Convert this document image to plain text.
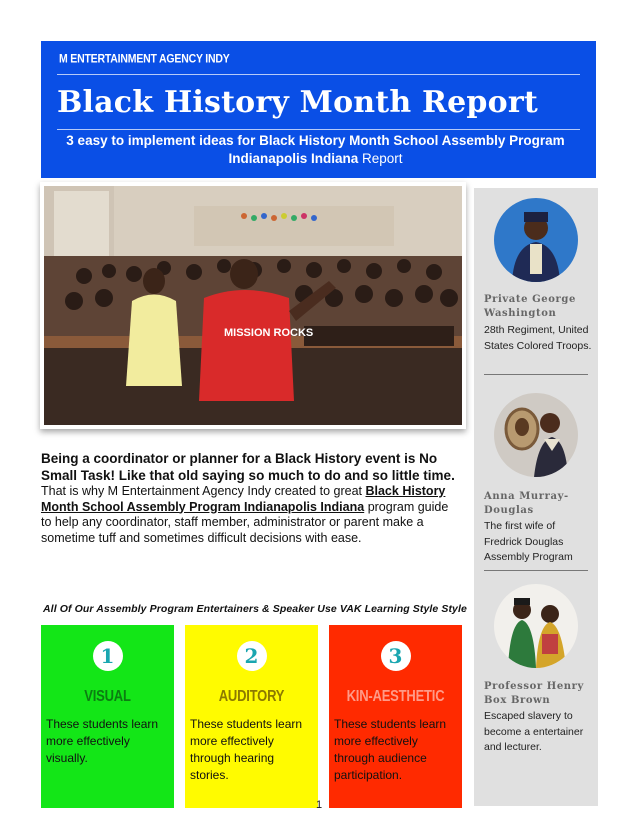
M ENTERTAINMENT AGENCY INDY
Black History Month Report
3 easy to implement ideas for Black History Month School Assembly Program Indianapolis Indiana Report
MISSION ROCKS
Private George Washington
28th Regiment, United States Colored Troops.
Anna Murray-Douglas
The first wife of Fredrick Douglas Assembly Program
Professor Henry Box Brown
Escaped slavery to become a entertainer and lecturer.
Being a coordinator or planner for a Black History event is No Small Task! Like that old saying so much to do and so little time.
That is why M Entertainment Agency Indy created to great Black History Month School Assembly Program Indianapolis Indiana program guide to help any coordinator, staff member, administrator or parent make a sometime tuff and sometimes difficult decisions with ease.
All Of Our Assembly Program Entertainers & Speaker Use VAK Learning Style Style
1
VISUAL
These students learn more effectively visually.
2
AUDITORY
These students learn more effectively through hearing stories.
3
KIN-AESTHETIC
These students learn more effectively through audience participation.
1
